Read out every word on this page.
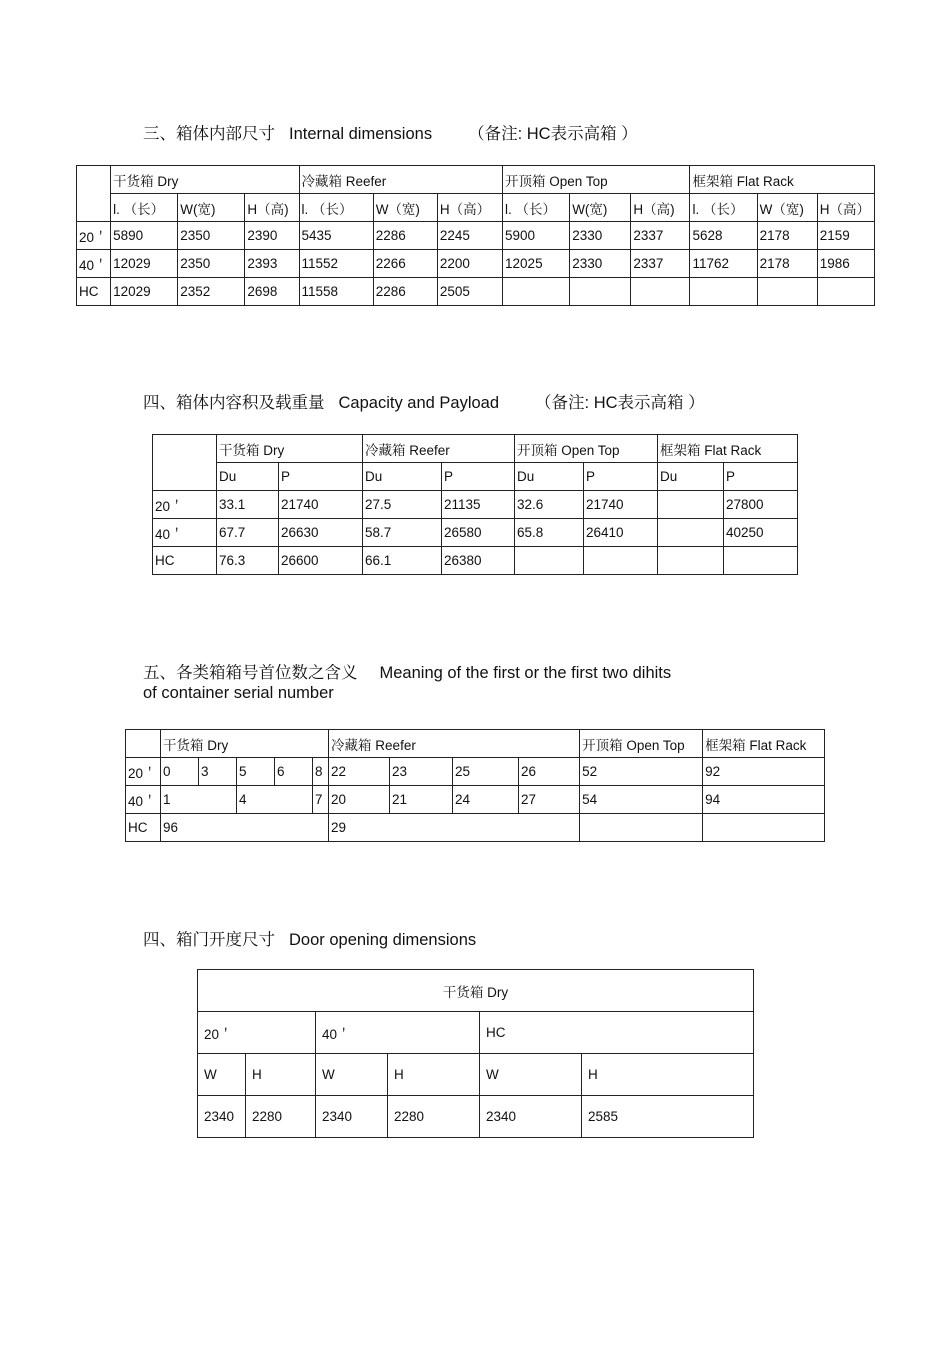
三、箱体内部尺寸 Internal dimensions （备注: HC表示高箱 ）
	干货箱 Dry			冷藏箱 Reefer			开顶箱 Open Top			框架箱 Flat Rack		
	l. （长）	W(宽)	H（高)	l. （长）	W（宽)	H（高）	l. （长）	W(宽)	H（高)	l. （长）	W（宽)	H（高）
20＇	5890	2350	2390	5435	2286	2245	5900	2330	2337	5628	2178	2159
40＇	12029	2350	2393	11552	2266	2200	12025	2330	2337	11762	2178	1986
HC	12029	2352	2698	11558	2286	2505						
四、箱体内容积及载重量 Capacity and Payload （备注: HC表示高箱 ）
	干货箱 Dry		冷藏箱 Reefer		开顶箱 Open Top		框架箱 Flat Rack	
	Du	P	Du	P	Du	P	Du	P
20＇	33.1	21740	27.5	21135	32.6	21740		27800
40＇	67.7	26630	58.7	26580	65.8	26410		40250
HC	76.3	26600	66.1	26380				
五、各类箱箱号首位数之含义 Meaning of the first or the first two dihits
of container serial number
	干货箱 Dry					冷藏箱 Reefer				开顶箱 Open Top	框架箱 Flat Rack
20＇	0	3	5	6	8	22	23	25	26	52	92
40＇	1		4		7	20	21	24	27	54	94
HC	96					29					
四、箱门开度尺寸 Door opening dimensions
干货箱 Dry					
20＇		40＇		HC	
W	H	W	H	W	H
2340	2280	2340	2280	2340	2585
